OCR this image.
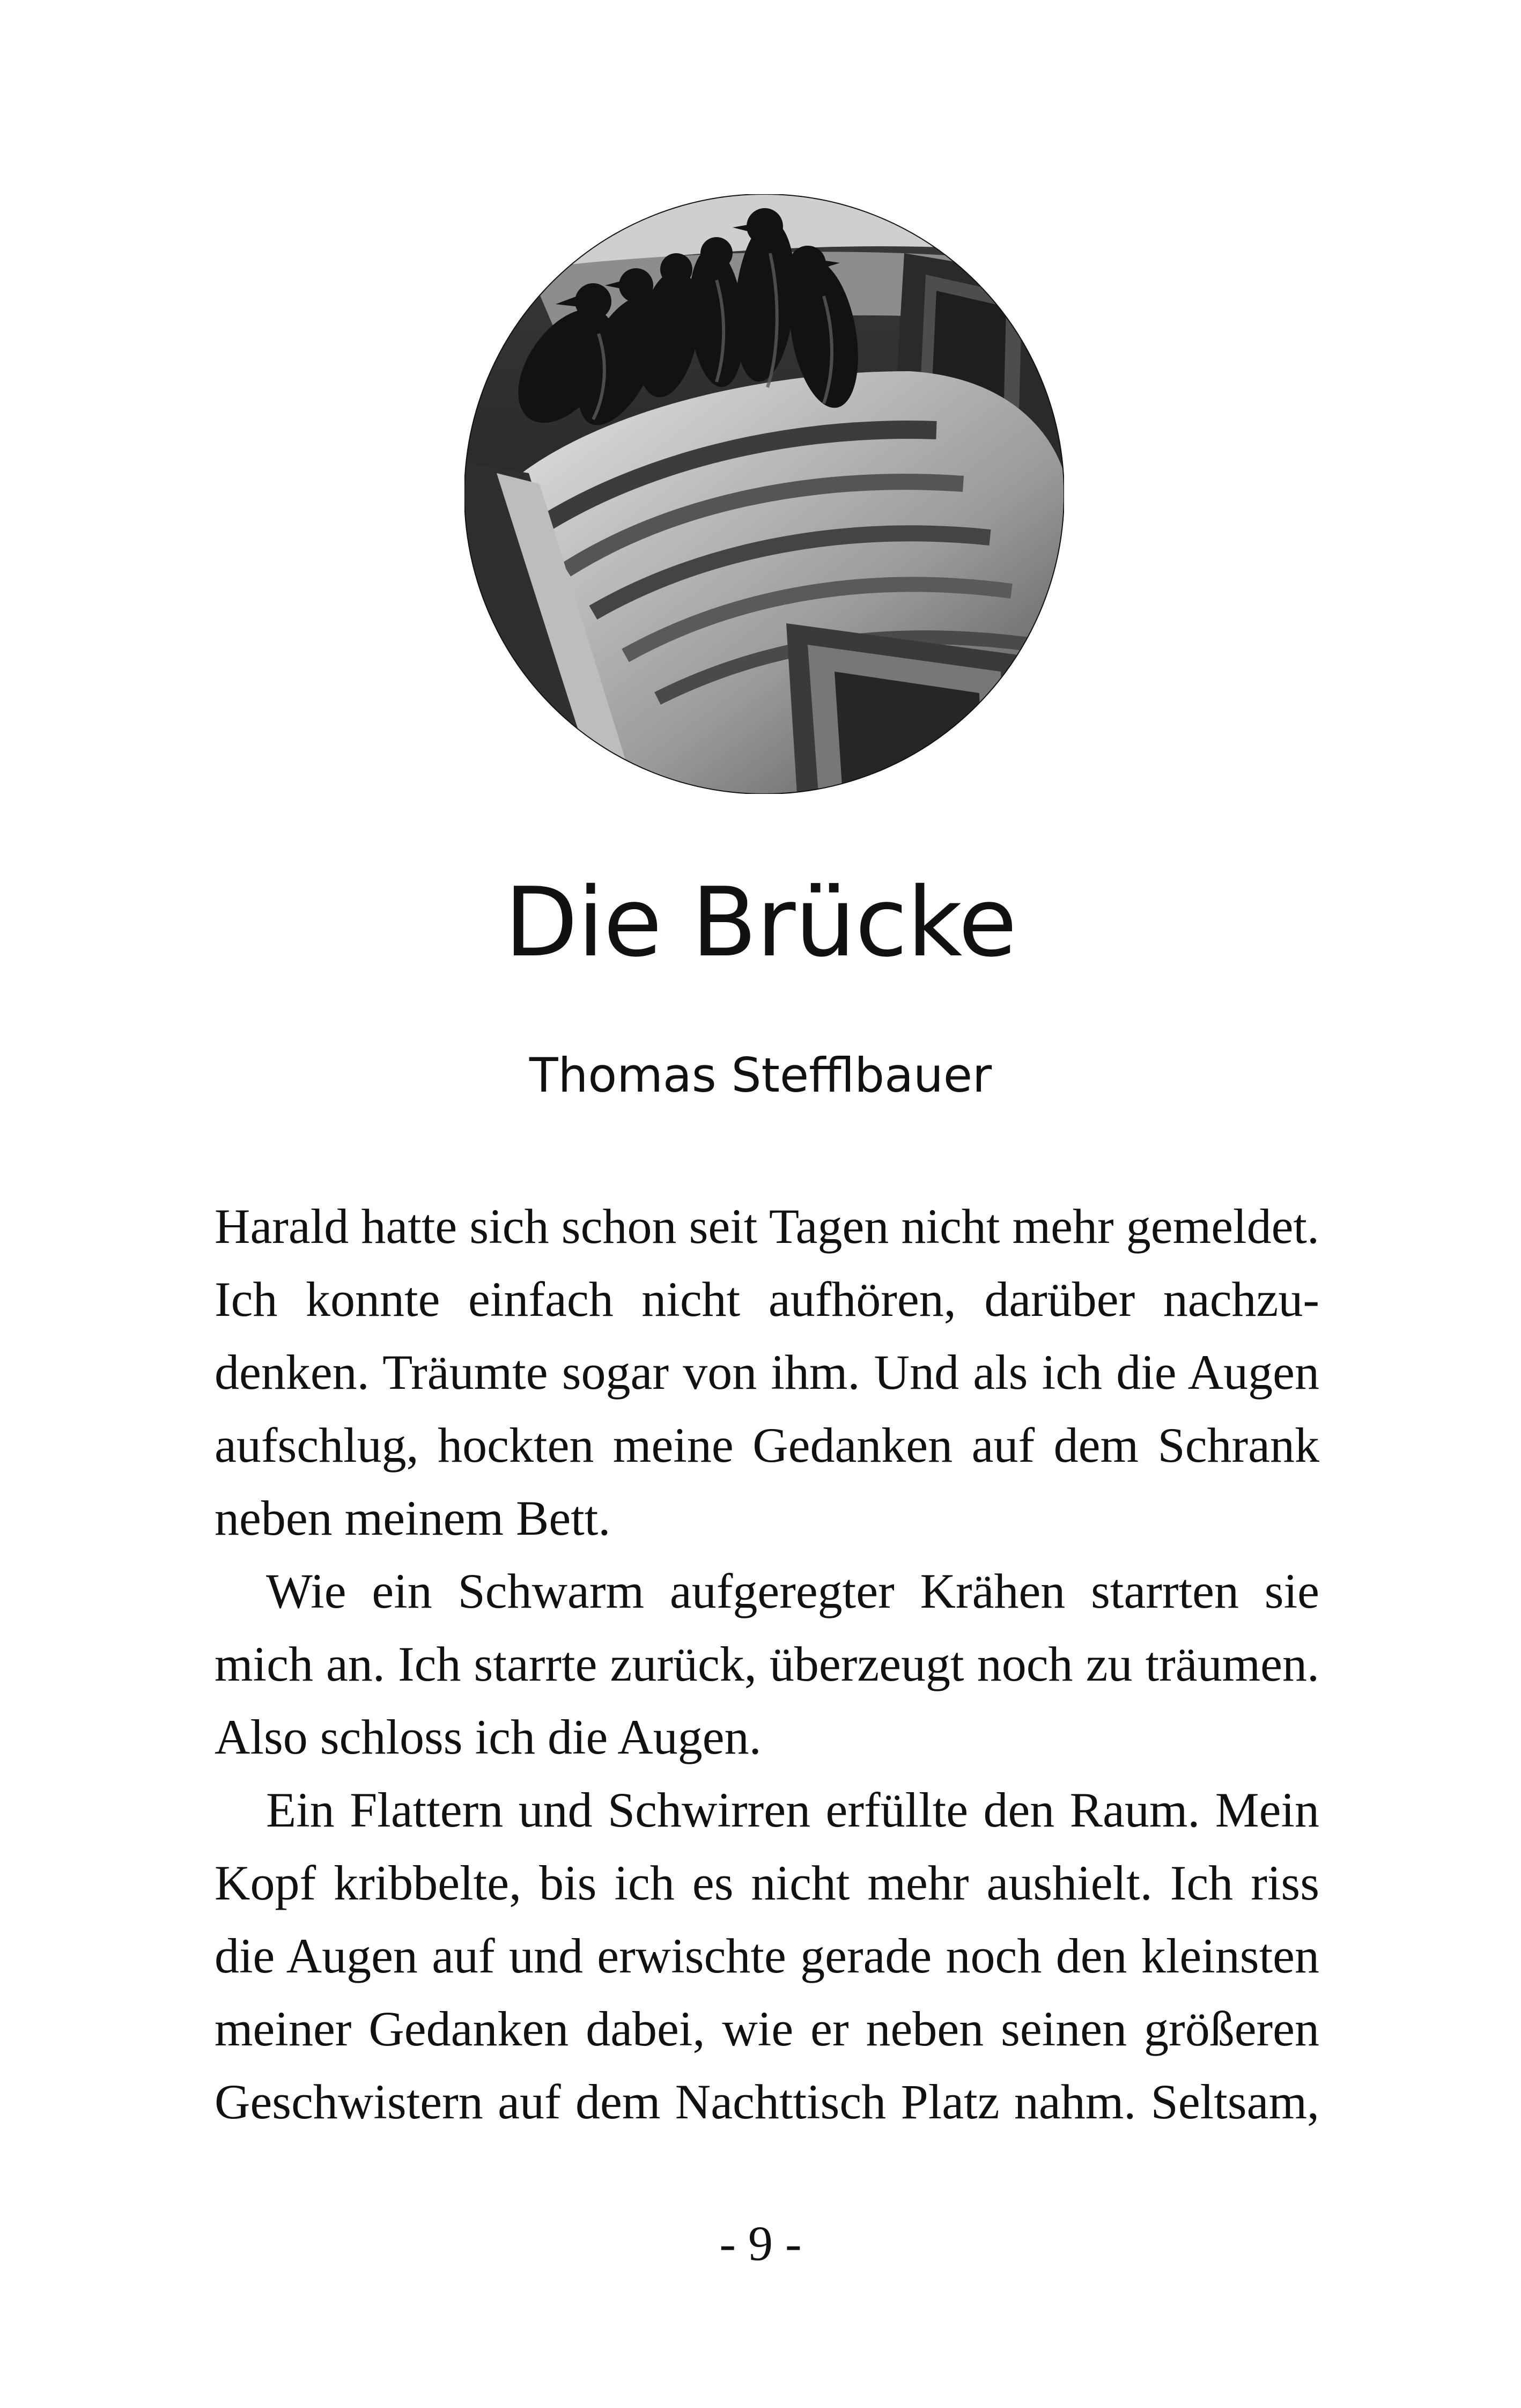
Die Brücke
Thomas Stefflbauer

Harald hatte sich schon seit Tagen nicht mehr gemeldet.
Ich konnte einfach nicht aufhören, darüber nachzu-
denken. Träumte sogar von ihm. Und als ich die Augen
aufschlug, hockten meine Gedanken auf dem Schrank
neben meinem Bett.

Wie ein Schwarm aufgeregter Krähen starrten sie
mich an. Ich starrte zurück, überzeugt noch zu träumen.
Also schloss ich die Augen.

Ein Flattern und Schwirren erfüllte den Raum. Mein
Kopf kribbelte, bis ich es nicht mehr aushielt. Ich riss
die Augen auf und erwischte gerade noch den kleinsten
meiner Gedanken dabei, wie er neben seinen größeren
Geschwistern auf dem Nachttisch Platz nahm. Seltsam,

- 9 -
